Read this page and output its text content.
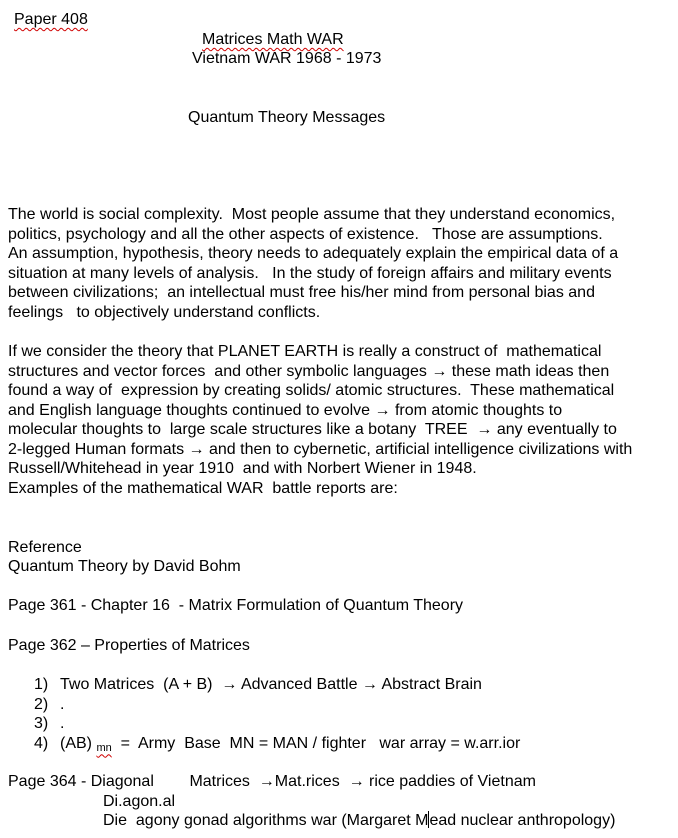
Paper 408
Matrices Math WAR
Vietnam WAR 1968 - 1973
Quantum Theory Messages
The world is social complexity.  Most people assume that they understand economics,
politics, psychology and all the other aspects of existence.   Those are assumptions.
An assumption, hypothesis, theory needs to adequately explain the empirical data of a
situation at many levels of analysis.   In the study of foreign affairs and military events
between civilizations;  an intellectual must free his/her mind from personal bias and
feelings   to objectively understand conflicts.
If we consider the theory that PLANET EARTH is really a construct of  mathematical
structures and vector forces  and other symbolic languages → these math ideas then
found a way of  expression by creating solids/ atomic structures.  These mathematical
and English language thoughts continued to evolve → from atomic thoughts to
molecular thoughts to  large scale structures like a botany  TREE  → any eventually to
2-legged Human formats → and then to cybernetic, artificial intelligence civilizations with
Russell/Whitehead in year 1910  and with Norbert Wiener in 1948.
Examples of the mathematical WAR  battle reports are:
Reference
Quantum Theory by David Bohm
Page 361 - Chapter 16  - Matrix Formulation of Quantum Theory
Page 362 – Properties of Matrices
1) Two Matrices  (A + B)  → Advanced Battle → Abstract Brain
2) .
3) .
4) (AB) $_{mn}$  =  Army  Base  MN = MAN / fighter   war array = w.arr.ior
Page 364 - Diagonal        Matrices  →Mat.rices  → rice paddies of Vietnam
Di.agon.al
Die  agony gonad algorithms war (Margaret Mead nuclear anthropology)
